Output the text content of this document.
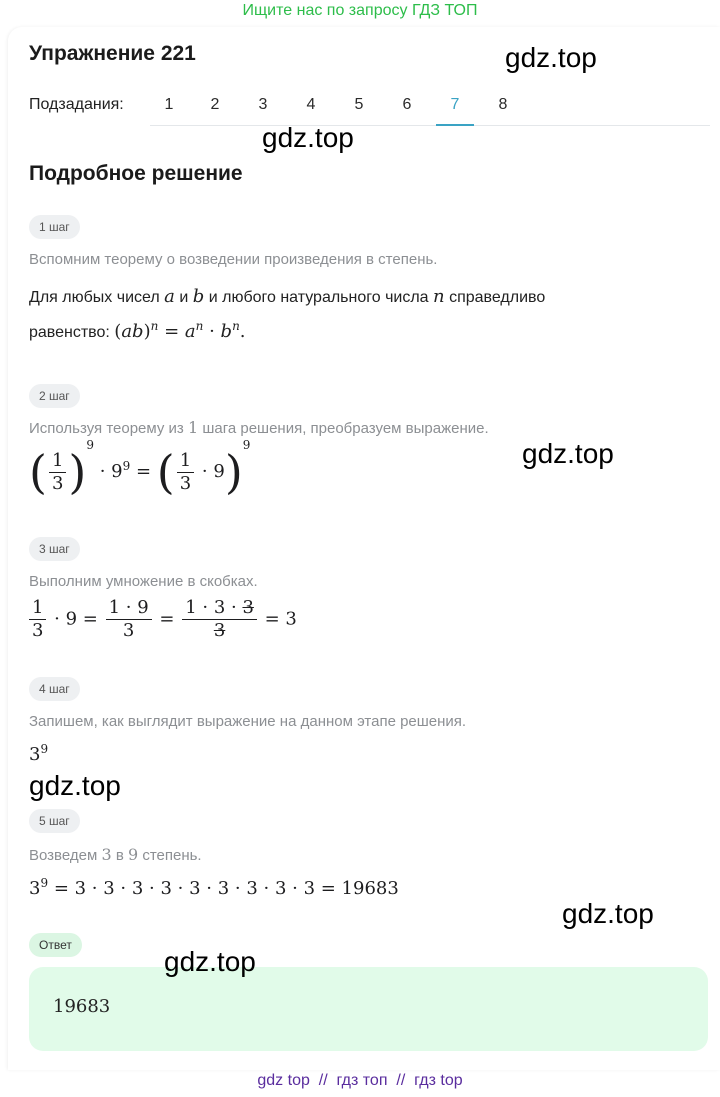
Ищите нас по запросу ГДЗ ТОП
Упражнение 221
Подзадания:	1	2	3	4	5	6	7	8
Подробное решение
1 шаг
Вспомним теорему о возведении произведения в степень.
Для любых чисел a и b и любого натурального числа n справедливо
равенство: $(ab)^n = a^n \cdot b^n$.
2 шаг
Используя теорему из 1 шага решения, преобразуем выражение.
( $\frac{1}{3} )^9 \cdot 9^9$ = ( $\frac{1}{3} \cdot 9)^9$
3 шаг
Выполним умножение в скобках.
$\frac{1}{3} \cdot 9 = \frac{1 \cdot 9}{3} = \frac{1 \cdot 3 \cdot 3}{3} = 3$
4 шаг
Запишем, как выглядит выражение на данном этапе решения.
$3^9$
5 шаг
Возведем 3 в 9 степень.
$3^9 = 3 \cdot 3 \cdot 3 \cdot 3 \cdot 3 \cdot 3 \cdot 3 \cdot 3 \cdot 3 = 19683$
Ответ
19683
gdz.top
gdz.top
gdz.top
gdz.top
gdz.top
gdz.top
gdz top  //  гдз топ  //  гдз top
